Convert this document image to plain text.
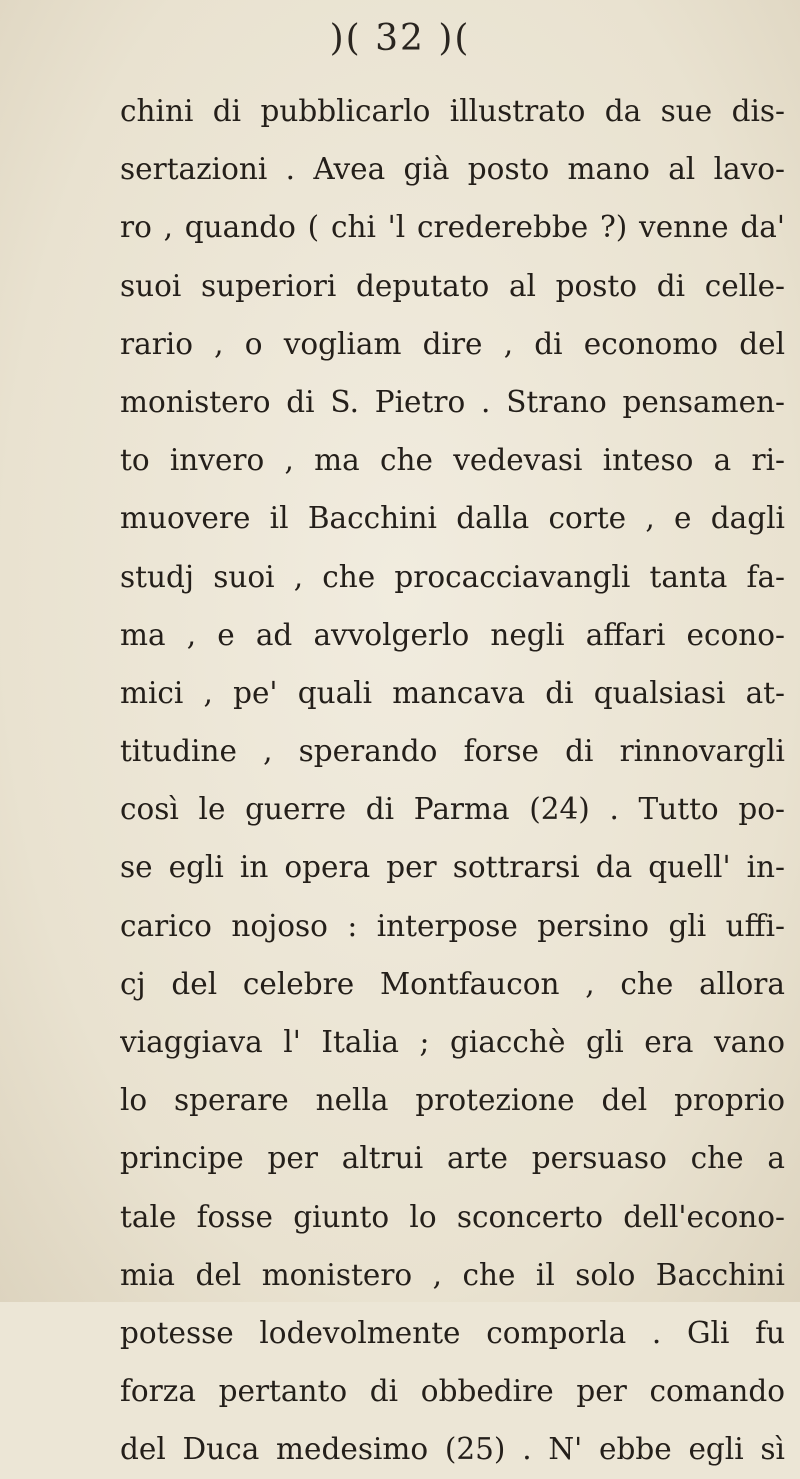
)( 32 )(
chini di pubblicarlo illustrato da sue dis-
sertazioni . Avea già posto mano al lavo-
ro , quando ( chi 'l crederebbe ?) venne da'
suoi superiori deputato al posto di celle-
rario , o vogliam dire , di economo del
monistero di S. Pietro . Strano pensamen-
to invero , ma che vedevasi inteso a ri-
muovere il Bacchini dalla corte , e dagli
studj suoi , che procacciavangli tanta fa-
ma , e ad avvolgerlo negli affari econo-
mici , pe' quali mancava di qualsiasi at-
titudine , sperando forse di rinnovargli
così le guerre di Parma (24) . Tutto po-
se egli in opera per sottrarsi da quell' in-
carico nojoso : interpose persino gli uffi-
cj del celebre Montfaucon , che allora
viaggiava l' Italia ; giacchè gli era vano
lo sperare nella protezione del proprio
principe per altrui arte persuaso che a
tale fosse giunto lo sconcerto dell'econo-
mia del monistero , che il solo Bacchini
potesse lodevolmente comporla . Gli fu
forza pertanto di obbedire per comando
del Duca medesimo (25) . N' ebbe egli sì
